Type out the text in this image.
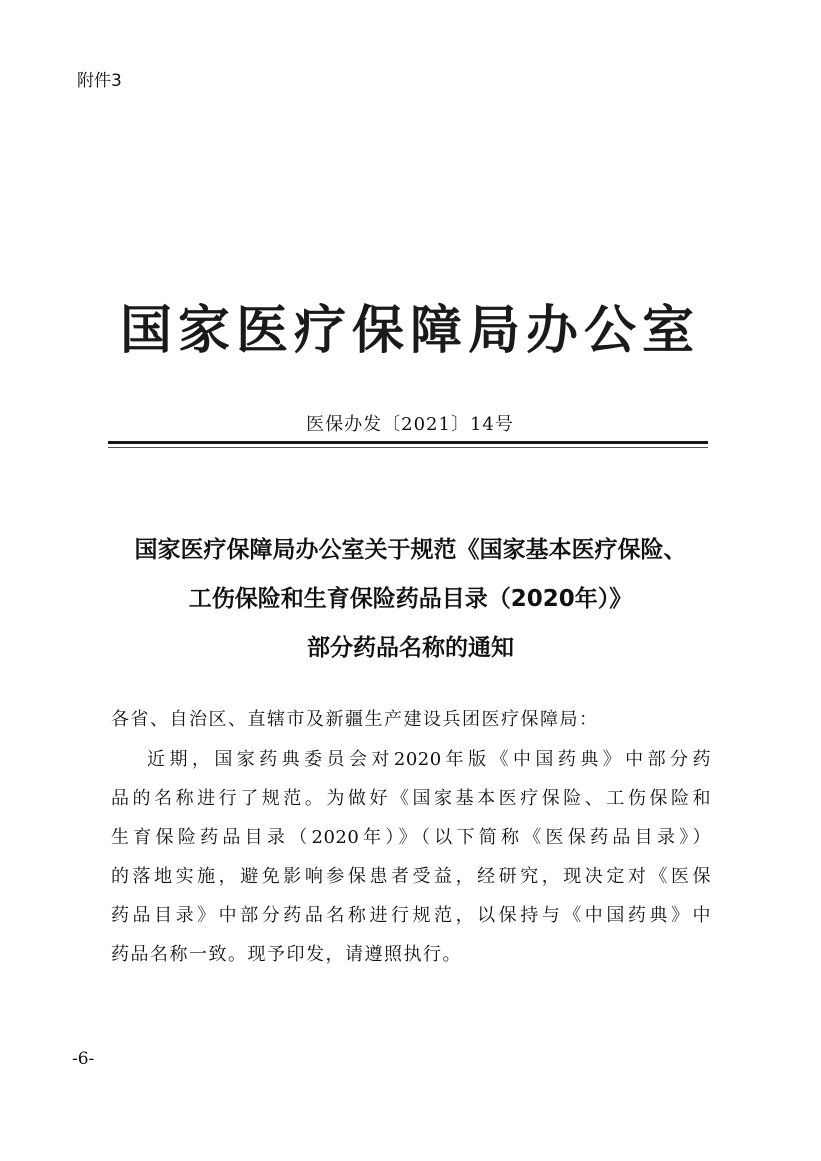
附件3
国家医疗保障局办公室
医保办发〔2021〕14号
国家医疗保障局办公室关于规范《国家基本医疗保险、
工伤保险和生育保险药品目录（2020年）》
部分药品名称的通知
各省、自治区、直辖市及新疆生产建设兵团医疗保障局：
近期，国家药典委员会对2020年版《中国药典》中部分药
品的名称进行了规范。为做好《国家基本医疗保险、工伤保险和
生育保险药品目录（2020年）》（以下简称《医保药品目录》）
的落地实施，避免影响参保患者受益，经研究，现决定对《医保
药品目录》中部分药品名称进行规范，以保持与《中国药典》中
药品名称一致。现予印发，请遵照执行。
-6-
